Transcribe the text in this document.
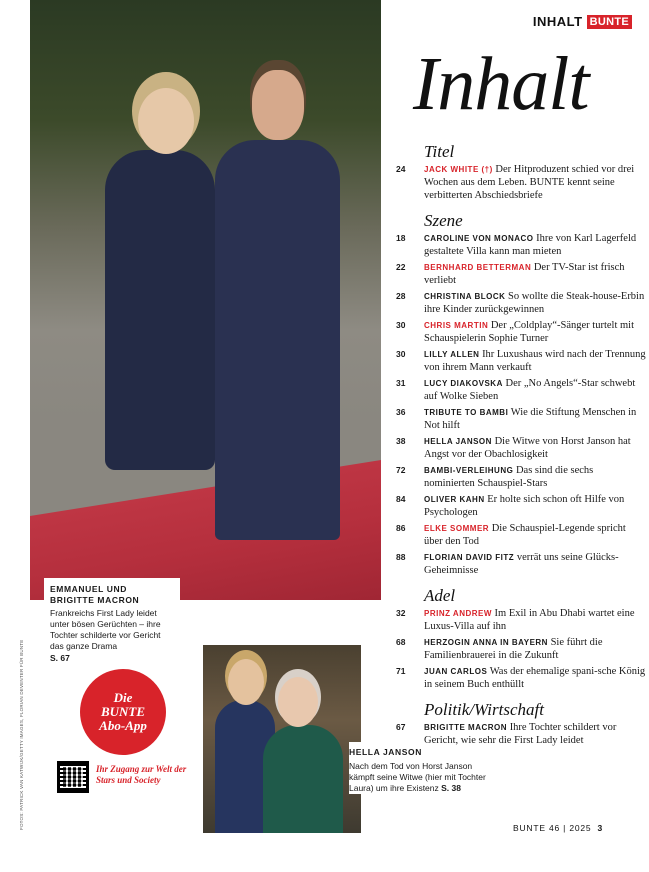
INHALT BUNTE
Inhalt
EMMANUEL UND BRIGITTE MACRON
Frankreichs First Lady leidet unter bösen Gerüchten – ihre Tochter schilderte vor Gericht das ganze Drama
S. 67
FOTOS: PATRICK VAN KATWIJK/GETTY IMAGES, FLORIAN DEVENTER FÜR BUNTE	Die
BUNTE
Abo-App
Ihr Zugang zur Welt der Stars und Society
HELLA JANSON
Nach dem Tod von Horst Janson kämpft seine Witwe (hier mit Tochter Laura) um ihre Existenz S. 38
Titel
24	JACK WHITE (†) Der Hitproduzent schied vor drei Wochen aus dem Leben. BUNTE kennt seine verbitterten Abschiedsbriefe
Szene
18	CAROLINE VON MONACO Ihre von Karl Lagerfeld gestaltete Villa kann man mieten
22	BERNHARD BETTERMAN Der TV-Star ist frisch verliebt
28	CHRISTINA BLOCK So wollte die Steak-house-Erbin ihre Kinder zurückgewinnen
30	CHRIS MARTIN Der „Coldplay“-Sänger turtelt mit Schauspielerin Sophie Turner
30	LILLY ALLEN Ihr Luxushaus wird nach der Trennung von ihrem Mann verkauft
31	LUCY DIAKOVSKA Der „No Angels“-Star schwebt auf Wolke Sieben
36	TRIBUTE TO BAMBI Wie die Stiftung Menschen in Not hilft
38	HELLA JANSON Die Witwe von Horst Janson hat Angst vor der Obachlosigkeit
72	BAMBI-VERLEIHUNG Das sind die sechs nominierten Schauspiel-Stars
84	OLIVER KAHN Er holte sich schon oft Hilfe von Psychologen
86	ELKE SOMMER Die Schauspiel-Legende spricht über den Tod
88	FLORIAN DAVID FITZ verrät uns seine Glücks-Geheimnisse
Adel
32	PRINZ ANDREW Im Exil in Abu Dhabi wartet eine Luxus-Villa auf ihn
68	HERZOGIN ANNA IN BAYERN Sie führt die Familienbrauerei in die Zukunft
71	JUAN CARLOS Was der ehemalige spani-sche König in seinem Buch enthüllt
Politik/Wirtschaft
67	BRIGITTE MACRON Ihre Tochter schildert vor Gericht, wie sehr die First Lady leidet
BUNTE 46 | 2025 3
